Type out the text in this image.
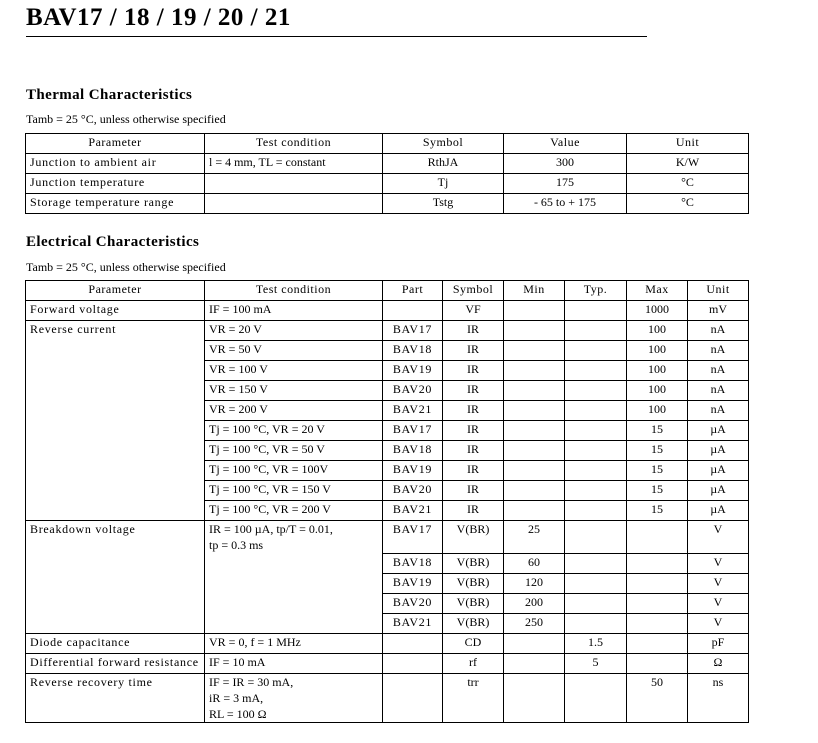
BAV17 / 18 / 19 / 20 / 21
Thermal Characteristics
Tamb = 25 °C, unless otherwise specified
Parameter	Test condition	Symbol	Value	Unit
Junction to ambient air	l = 4 mm, TL = constant	RthJA	300	K/W
Junction temperature		Tj	175	°C
Storage temperature range		Tstg	- 65 to + 175	°C
Electrical Characteristics
Tamb = 25 °C, unless otherwise specified
Parameter	Test condition	Part	Symbol	Min	Typ.	Max	Unit
Forward voltage	IF = 100 mA		VF			1000	mV
Reverse current	VR = 20 V	BAV17	IR			100	nA
	VR = 50 V	BAV18	IR			100	nA
	VR = 100 V	BAV19	IR			100	nA
	VR = 150 V	BAV20	IR			100	nA
	VR = 200 V	BAV21	IR			100	nA
	Tj = 100 °C, VR = 20 V	BAV17	IR			15	µA
	Tj = 100 °C, VR = 50 V	BAV18	IR			15	µA
	Tj = 100 °C, VR = 100V	BAV19	IR			15	µA
	Tj = 100 °C, VR = 150 V	BAV20	IR			15	µA
	Tj = 100 °C, VR = 200 V	BAV21	IR			15	µA
Breakdown voltage	IR = 100 µA, tp/T = 0.01,
tp = 0.3 ms	BAV17	V(BR)	25			V
		BAV18	V(BR)	60			V
		BAV19	V(BR)	120			V
		BAV20	V(BR)	200			V
		BAV21	V(BR)	250			V
Diode capacitance	VR = 0, f = 1 MHz		CD		1.5		pF
Differential forward resistance	IF = 10 mA		rf		5		Ω
Reverse recovery time	IF = IR = 30 mA,
iR = 3 mA,
RL = 100 Ω		trr			50	ns
